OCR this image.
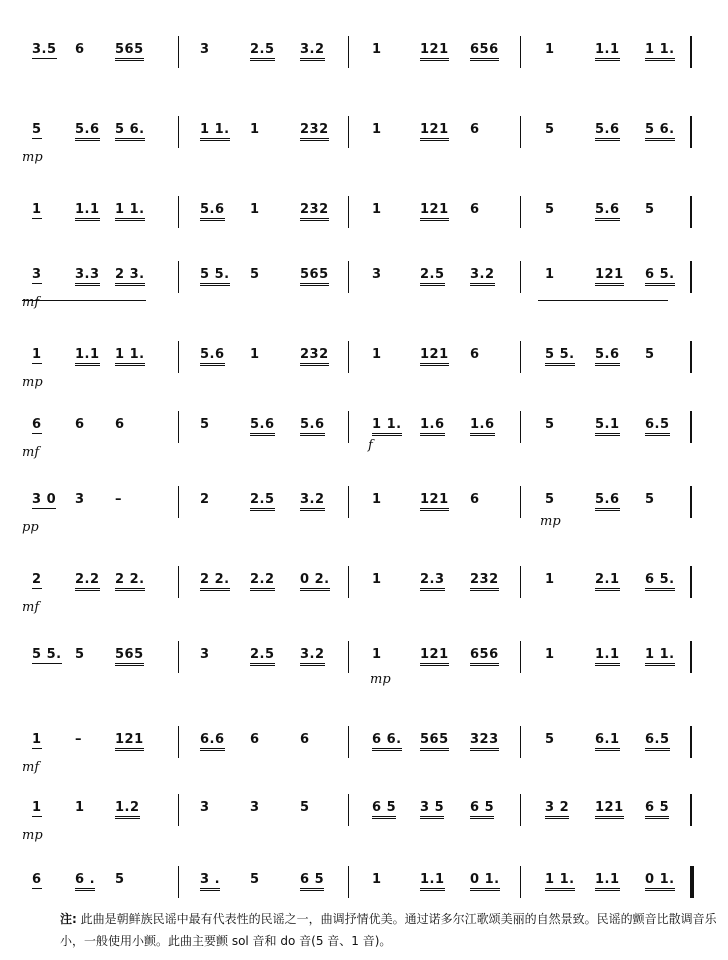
3.5 6 565	3	2.5 3.2	1	121 656	1	1.1 1 1.
5	5.6 5 6.	1 1. 1	232	1	121 6	5	5.6 5 6.
mp
1	1.1 1 1.	5.6 1	232	1	121 6	5	5.6 5
3	3.3 2 3.	5 5. 5	565	3	2.5 3.2	1	121 6 5.
mf
1	1.1 1 1.	5.6 1	232	1	121 6	5 5. 5.6 5
mp
6	6 6	5	5.6 5.6	1 1. 1.6 1.6	5	5.1 6.5
mf
3 0 3 –	2	2.5 3.2	1	121 6	5	5.6 5
pp
2	2.2 2 2.	2 2. 2.2 0 2.	1	2.3 232	1	2.1 6 5.
mf
5 5. 5 565	3	2.5 3.2	1	121 656	1	1.1 1 1.
1	–	121	6.6 6	6	6 6. 565 323	5	6.1 6.5
mf
1	1 1.2	3	3	5	6 5 3 5 6 5	3 2 121 6 5
mp
6	6 . 5	3 . 5	6 5	1	1.1 0 1.	1 1. 1.1 0 1.
f
mp
mp
注: 此曲是朝鲜族民谣中最有代表性的民谣之一，曲调抒情优美。通过诺多尔江歌颂美丽的自然景致。民谣的颤音比散调音乐小，一般使用小颤。此曲主要颤 sol 音和 do 音(5 音、1 音)。
